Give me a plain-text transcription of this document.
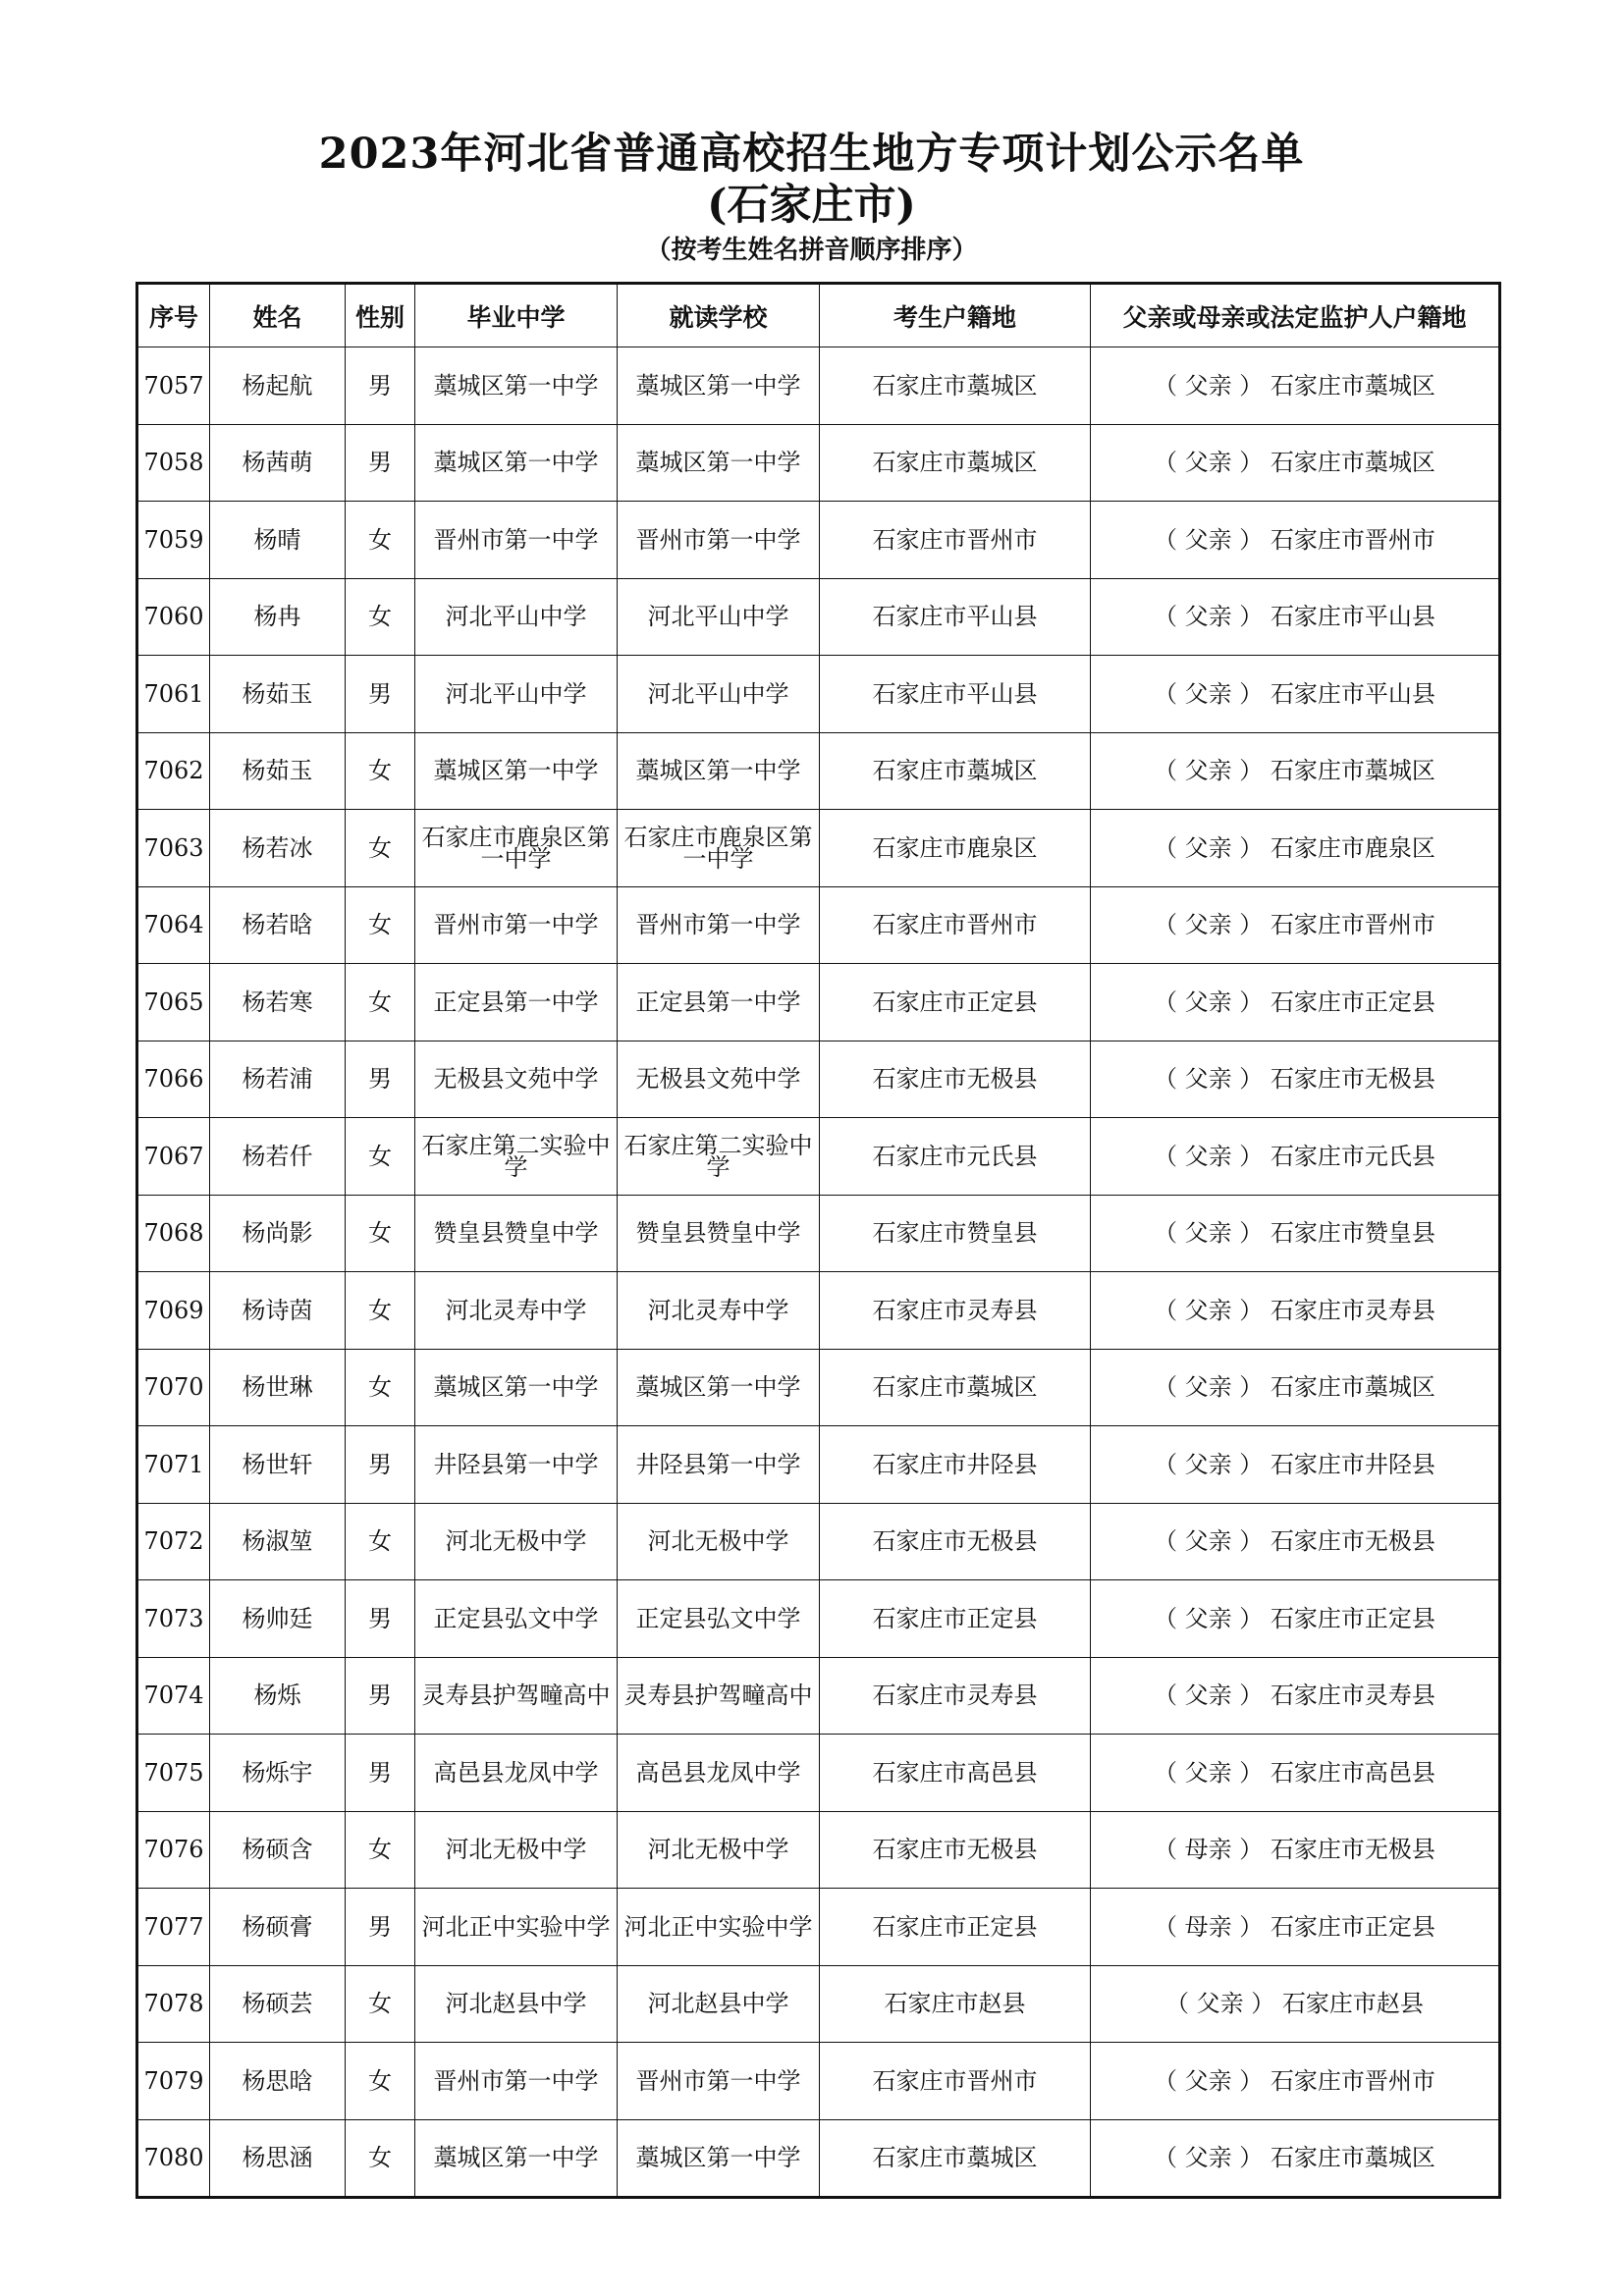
2023年河北省普通高校招生地方专项计划公示名单
(石家庄市)
（按考生姓名拼音顺序排序）
序号	姓名	性别	毕业中学	就读学校	考生户籍地	父亲或母亲或法定监护人户籍地
7057	杨起航	男	藁城区第一中学	藁城区第一中学	石家庄市藁城区	（ 父亲 ） 石家庄市藁城区
7058	杨茜萌	男	藁城区第一中学	藁城区第一中学	石家庄市藁城区	（ 父亲 ） 石家庄市藁城区
7059	杨晴	女	晋州市第一中学	晋州市第一中学	石家庄市晋州市	（ 父亲 ） 石家庄市晋州市
7060	杨冉	女	河北平山中学	河北平山中学	石家庄市平山县	（ 父亲 ） 石家庄市平山县
7061	杨茹玉	男	河北平山中学	河北平山中学	石家庄市平山县	（ 父亲 ） 石家庄市平山县
7062	杨茹玉	女	藁城区第一中学	藁城区第一中学	石家庄市藁城区	（ 父亲 ） 石家庄市藁城区
7063	杨若冰	女	石家庄市鹿泉区第一中学	石家庄市鹿泉区第一中学	石家庄市鹿泉区	（ 父亲 ） 石家庄市鹿泉区
7064	杨若晗	女	晋州市第一中学	晋州市第一中学	石家庄市晋州市	（ 父亲 ） 石家庄市晋州市
7065	杨若寒	女	正定县第一中学	正定县第一中学	石家庄市正定县	（ 父亲 ） 石家庄市正定县
7066	杨若浦	男	无极县文苑中学	无极县文苑中学	石家庄市无极县	（ 父亲 ） 石家庄市无极县
7067	杨若仟	女	石家庄第二实验中学	石家庄第二实验中学	石家庄市元氏县	（ 父亲 ） 石家庄市元氏县
7068	杨尚影	女	赞皇县赞皇中学	赞皇县赞皇中学	石家庄市赞皇县	（ 父亲 ） 石家庄市赞皇县
7069	杨诗茵	女	河北灵寿中学	河北灵寿中学	石家庄市灵寿县	（ 父亲 ） 石家庄市灵寿县
7070	杨世琳	女	藁城区第一中学	藁城区第一中学	石家庄市藁城区	（ 父亲 ） 石家庄市藁城区
7071	杨世轩	男	井陉县第一中学	井陉县第一中学	石家庄市井陉县	（ 父亲 ） 石家庄市井陉县
7072	杨淑堃	女	河北无极中学	河北无极中学	石家庄市无极县	（ 父亲 ） 石家庄市无极县
7073	杨帅廷	男	正定县弘文中学	正定县弘文中学	石家庄市正定县	（ 父亲 ） 石家庄市正定县
7074	杨烁	男	灵寿县护驾疃高中	灵寿县护驾疃高中	石家庄市灵寿县	（ 父亲 ） 石家庄市灵寿县
7075	杨烁宇	男	高邑县龙凤中学	高邑县龙凤中学	石家庄市高邑县	（ 父亲 ） 石家庄市高邑县
7076	杨硕含	女	河北无极中学	河北无极中学	石家庄市无极县	（ 母亲 ） 石家庄市无极县
7077	杨硕膏	男	河北正中实验中学	河北正中实验中学	石家庄市正定县	（ 母亲 ） 石家庄市正定县
7078	杨硕芸	女	河北赵县中学	河北赵县中学	石家庄市赵县	（ 父亲 ） 石家庄市赵县
7079	杨思晗	女	晋州市第一中学	晋州市第一中学	石家庄市晋州市	（ 父亲 ） 石家庄市晋州市
7080	杨思涵	女	藁城区第一中学	藁城区第一中学	石家庄市藁城区	（ 父亲 ） 石家庄市藁城区
